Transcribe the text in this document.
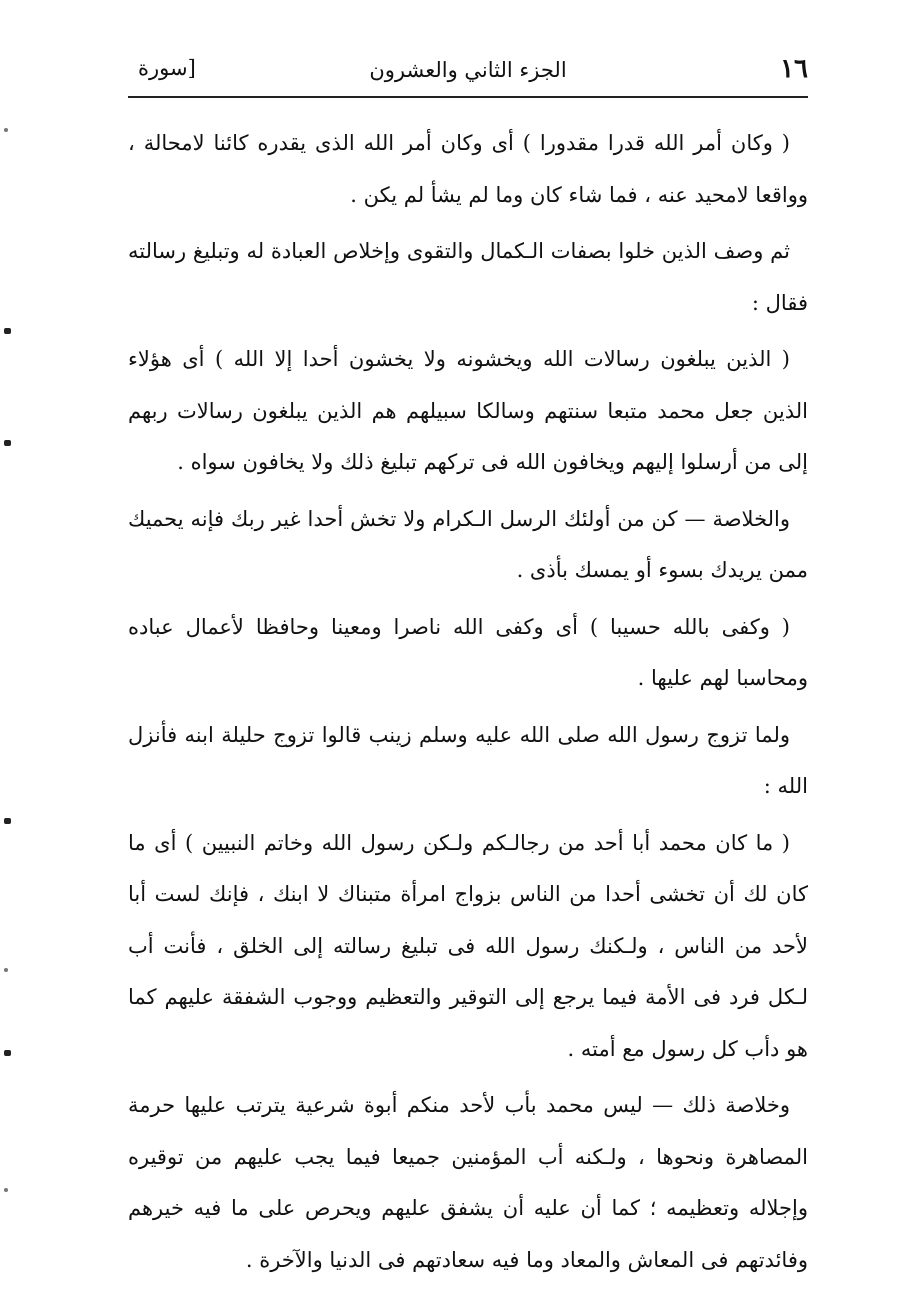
١٦
الجزء الثاني والعشرون
[سورة

( وكان أمر الله قدرا مقدورا ) أى وكان أمر الله الذى يقدره كائنا لامحالة ، وواقعا لامحيد عنه ، فما شاء كان وما لم يشأ لم يكن .

ثم وصف الذين خلوا بصفات الـكمال والتقوى وإخلاص العبادة له وتبليغ رسالته فقال :

( الذين يبلغون رسالات الله ويخشونه ولا يخشون أحدا إلا الله ) أى هؤلاء الذين جعل محمد متبعا سنتهم وسالكا سبيلهم هم الذين يبلغون رسالات ربهم إلى من أرسلوا إليهم ويخافون الله فى تركهم تبليغ ذلك ولا يخافون سواه .

والخلاصة — كن من أولئك الرسل الـكرام ولا تخش أحدا غير ربك فإنه يحميك ممن يريدك بسوء أو يمسك بأذى .

( وكفى بالله حسيبا ) أى وكفى الله ناصرا ومعينا وحافظا لأعمال عباده ومحاسبا لهم عليها .

ولما تزوج رسول الله صلى الله عليه وسلم زينب قالوا تزوج حليلة ابنه فأنزل الله :

( ما كان محمد أبا أحد من رجالـكم ولـكن رسول الله وخاتم النبيين ) أى ما كان لك أن تخشى أحدا من الناس بزواج امرأة متبناك لا ابنك ، فإنك لست أبا لأحد من الناس ، ولـكنك رسول الله فى تبليغ رسالته إلى الخلق ، فأنت أب لـكل فرد فى الأمة فيما يرجع إلى التوقير والتعظيم ووجوب الشفقة عليهم كما هو دأب كل رسول مع أمته .

وخلاصة ذلك — ليس محمد بأب لأحد منكم أبوة شرعية يترتب عليها حرمة المصاهرة ونحوها ، ولـكنه أب المؤمنين جميعا فيما يجب عليهم من توقيره وإجلاله وتعظيمه ؛ كما أن عليه أن يشفق عليهم ويحرص على ما فيه خيرهم وفائدتهم فى المعاش والمعاد وما فيه سعادتهم فى الدنيا والآخرة .
